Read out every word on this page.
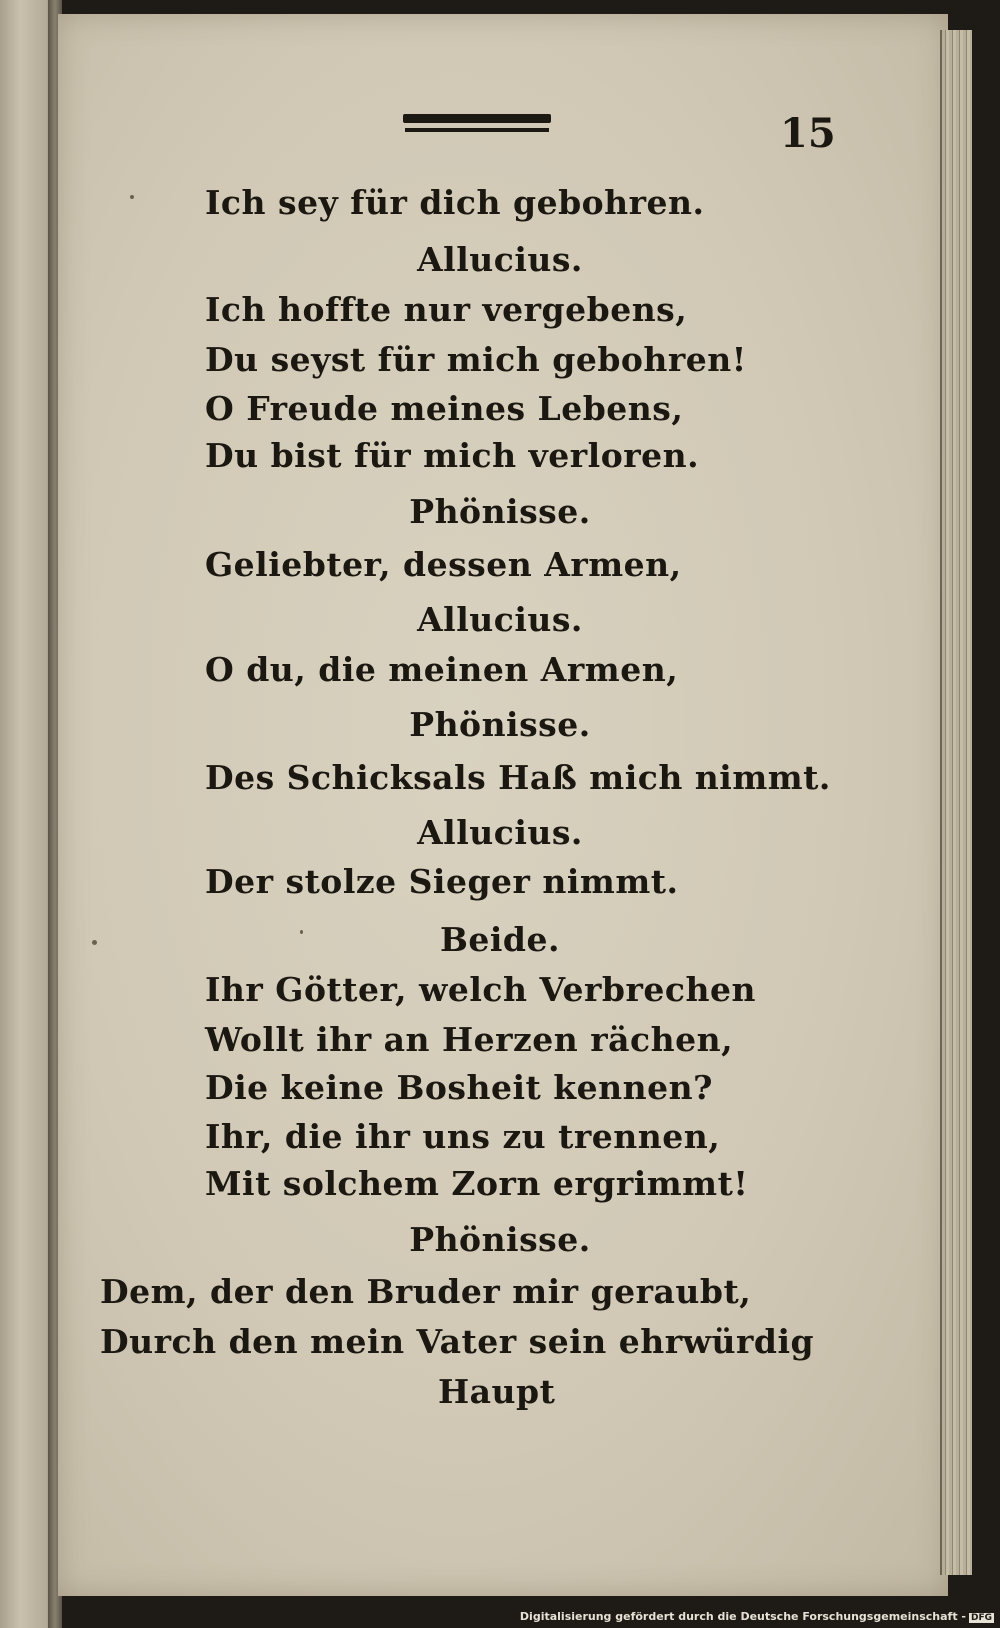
15
Ich sey für dich gebohren.
Allucius.
Ich hoffte nur vergebens,
Du seyst für mich gebohren!
O Freude meines Lebens,
Du bist für mich verloren.
Phönisse.
Geliebter, dessen Armen,
Allucius.
O du, die meinen Armen,
Phönisse.
Des Schicksals Haß mich nimmt.
Allucius.
Der stolze Sieger nimmt.
Beide.
Ihr Götter, welch Verbrechen
Wollt ihr an Herzen rächen,
Die keine Bosheit kennen?
Ihr, die ihr uns zu trennen,
Mit solchem Zorn ergrimmt!
Phönisse.
Dem, der den Bruder mir geraubt,
Durch den mein Vater sein ehrwürdig
Haupt
Digitalisierung gefördert durch die Deutsche Forschungsgemeinschaft - DFG
